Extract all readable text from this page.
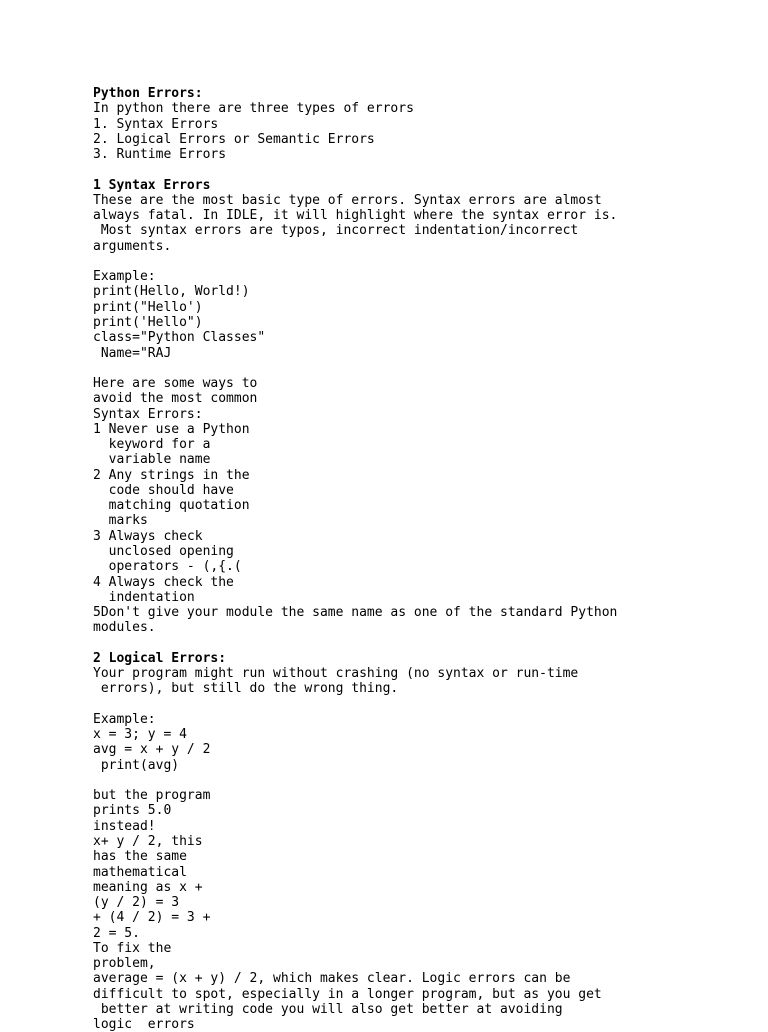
Python Errors:
In python there are three types of errors
1. Syntax Errors
2. Logical Errors or Semantic Errors
3. Runtime Errors
1 Syntax Errors
These are the most basic type of errors. Syntax errors are almost
always fatal. In IDLE, it will highlight where the syntax error is.
Most syntax errors are typos, incorrect indentation/incorrect
arguments.
Example:
print(Hello, World!)
print("Hello')
print('Hello")
class="Python Classes"
Name="RAJ
Here are some ways to
avoid the most common
Syntax Errors:
1 Never use a Python
keyword for a
variable name
2 Any strings in the
code should have
matching quotation
marks
3 Always check
unclosed opening
operators - (,{.(
4 Always check the
indentation
5Don't give your module the same name as one of the standard Python
modules.
2 Logical Errors:
Your program might run without crashing (no syntax or run-time
errors), but still do the wrong thing.
Example:
x = 3; y = 4
avg = x + y / 2
print(avg)
but the program
prints 5.0
instead!
x+ y / 2, this
has the same
mathematical
meaning as x +
(y / 2) = 3
+ (4 / 2) = 3 +
2 = 5.
To fix the
problem,
average = (x + y) / 2, which makes clear. Logic errors can be
difficult to spot, especially in a longer program, but as you get
better at writing code you will also get better at avoiding
logic  errors
